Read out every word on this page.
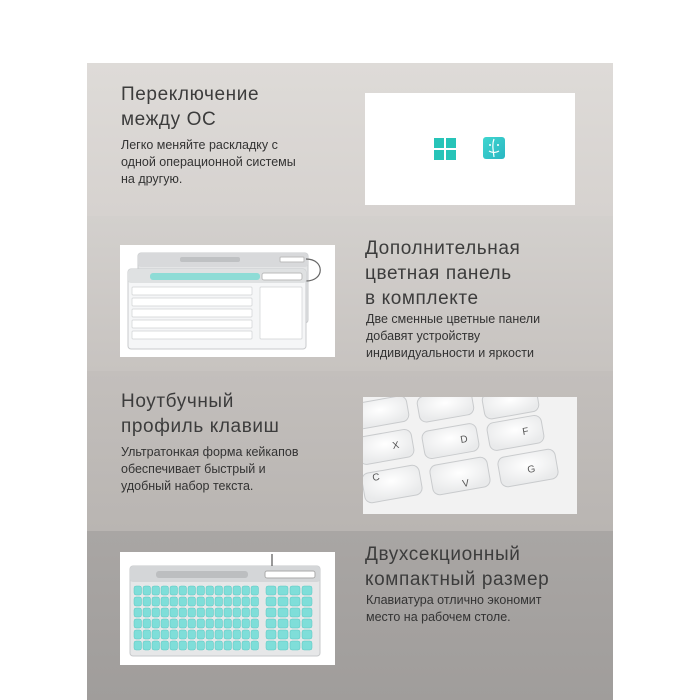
Переключение
между ОС
Легко меняйте раскладку с
одной операционной системы
на другую.
Дополнительная
цветная панель
в комплекте
Две сменные цветные панели
добавят устройству
индивидуальности и яркости
Ноутбучный
профиль клавиш
Ультратонкая форма кейкапов
обеспечивает быстрый и
удобный набор текста.
X
D
C
F
V
G
Двухсекционный
компактный размер
Клавиатура отлично экономит
место на рабочем столе.
